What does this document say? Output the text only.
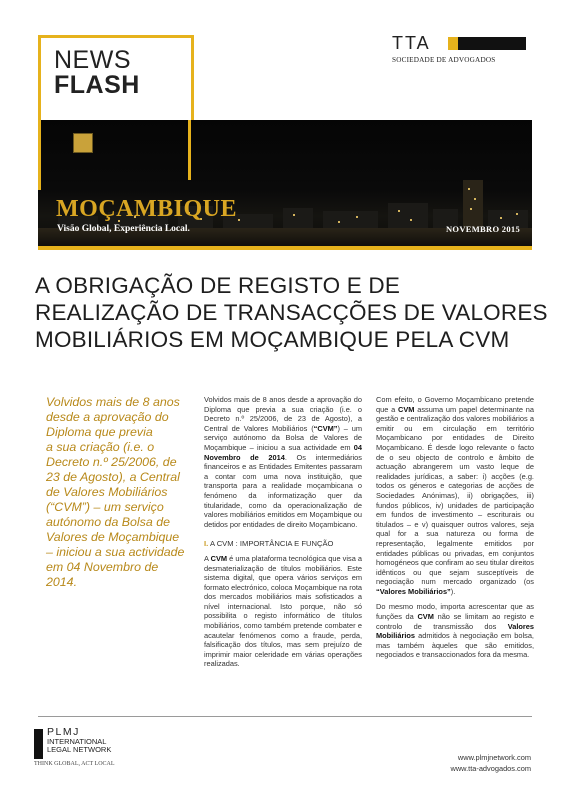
NEWS
FLASH
TTA
SOCIEDADE DE ADVOGADOS
MOÇAMBIQUE
Visão Global, Experiência Local.	NOVEMBRO 2015
A OBRIGAÇÃO DE REGISTO E DE
REALIZAÇÃO DE TRANSACÇÕES DE VALORES
MOBILIÁRIOS EM MOÇAMBIQUE PELA CVM
Volvidos mais de 8 anos
desde a aprovação do
Diploma que previa
a sua criação (i.e. o
Decreto n.º 25/2006, de
23 de Agosto), a Central
de Valores Mobiliários
(“CVM”) – um serviço
autónomo da Bolsa de
Valores de Moçambique
– iniciou a sua actividade
em 04 Novembro de
2014.

Volvidos mais de 8 anos desde a aprovação do Diploma que previa a sua criação (i.e. o Decreto n.º 25/2006, de 23 de Agosto), a Central de Valores Mobiliários (“CVM”) – um serviço autónomo da Bolsa de Valores de Moçambique – iniciou a sua actividade em 04 Novembro de 2014. Os intermediários financeiros e as Entidades Emitentes passaram a contar com uma nova instituição, que transporta para a realidade moçambicana o fenómeno da informatização quer da titularidade, como da operacionalização de valores mobiliários emitidos em Moçambique ou detidos por entidades de direito Moçambicano.

I. A CVM : IMPORTÂNCIA E FUNÇÃO

A CVM é uma plataforma tecnológica que visa a desmaterialização de títulos mobiliários. Este sistema digital, que opera vários serviços em formato electrónico, coloca Moçambique na rota dos mercados mobiliários mais sofisticados a nível internacional. Isto porque, não só possibilita o registo informático de títulos mobiliários, como também pretende combater e acautelar fenómenos como a fraude, perda, falsificação dos títulos, mas sem prejuízo de imprimir maior celeridade em várias operações realizadas.

Com efeito, o Governo Moçambicano pretende que a CVM assuma um papel determinante na gestão e centralização dos valores mobiliários a emitir ou em circulação em território Moçambicano por entidades de Direito Moçambicano. É desde logo relevante o facto de o seu objecto de controlo e âmbito de actuação abrangerem um vasto leque de realidades jurídicas, a saber: i) acções (e.g. todos os géneros e categorias de acções de Sociedades Anónimas), ii) obrigações, iii) fundos públicos, iv) unidades de participação em fundos de investimento – escriturais ou titulados – e v) quaisquer outros valores, seja qual for a sua natureza ou forma de representação, legalmente emitidos por entidades públicas ou privadas, em conjuntos homogéneos que confiram ao seu titular direitos idênticos ou que sejam susceptíveis de negociação num mercado organizado (os “Valores Mobiliários”).

Do mesmo modo, importa acrescentar que as funções da CVM não se limitam ao registo e controlo de transmissão dos Valores Mobiliários admitidos à negociação em bolsa, mas também àqueles que são emitidos, negociados e transaccionados fora da mesma.

PLMJ
INTERNATIONAL
LEGAL NETWORK
THINK GLOBAL, ACT LOCAL
www.plmjnetwork.com
www.tta-advogados.com
